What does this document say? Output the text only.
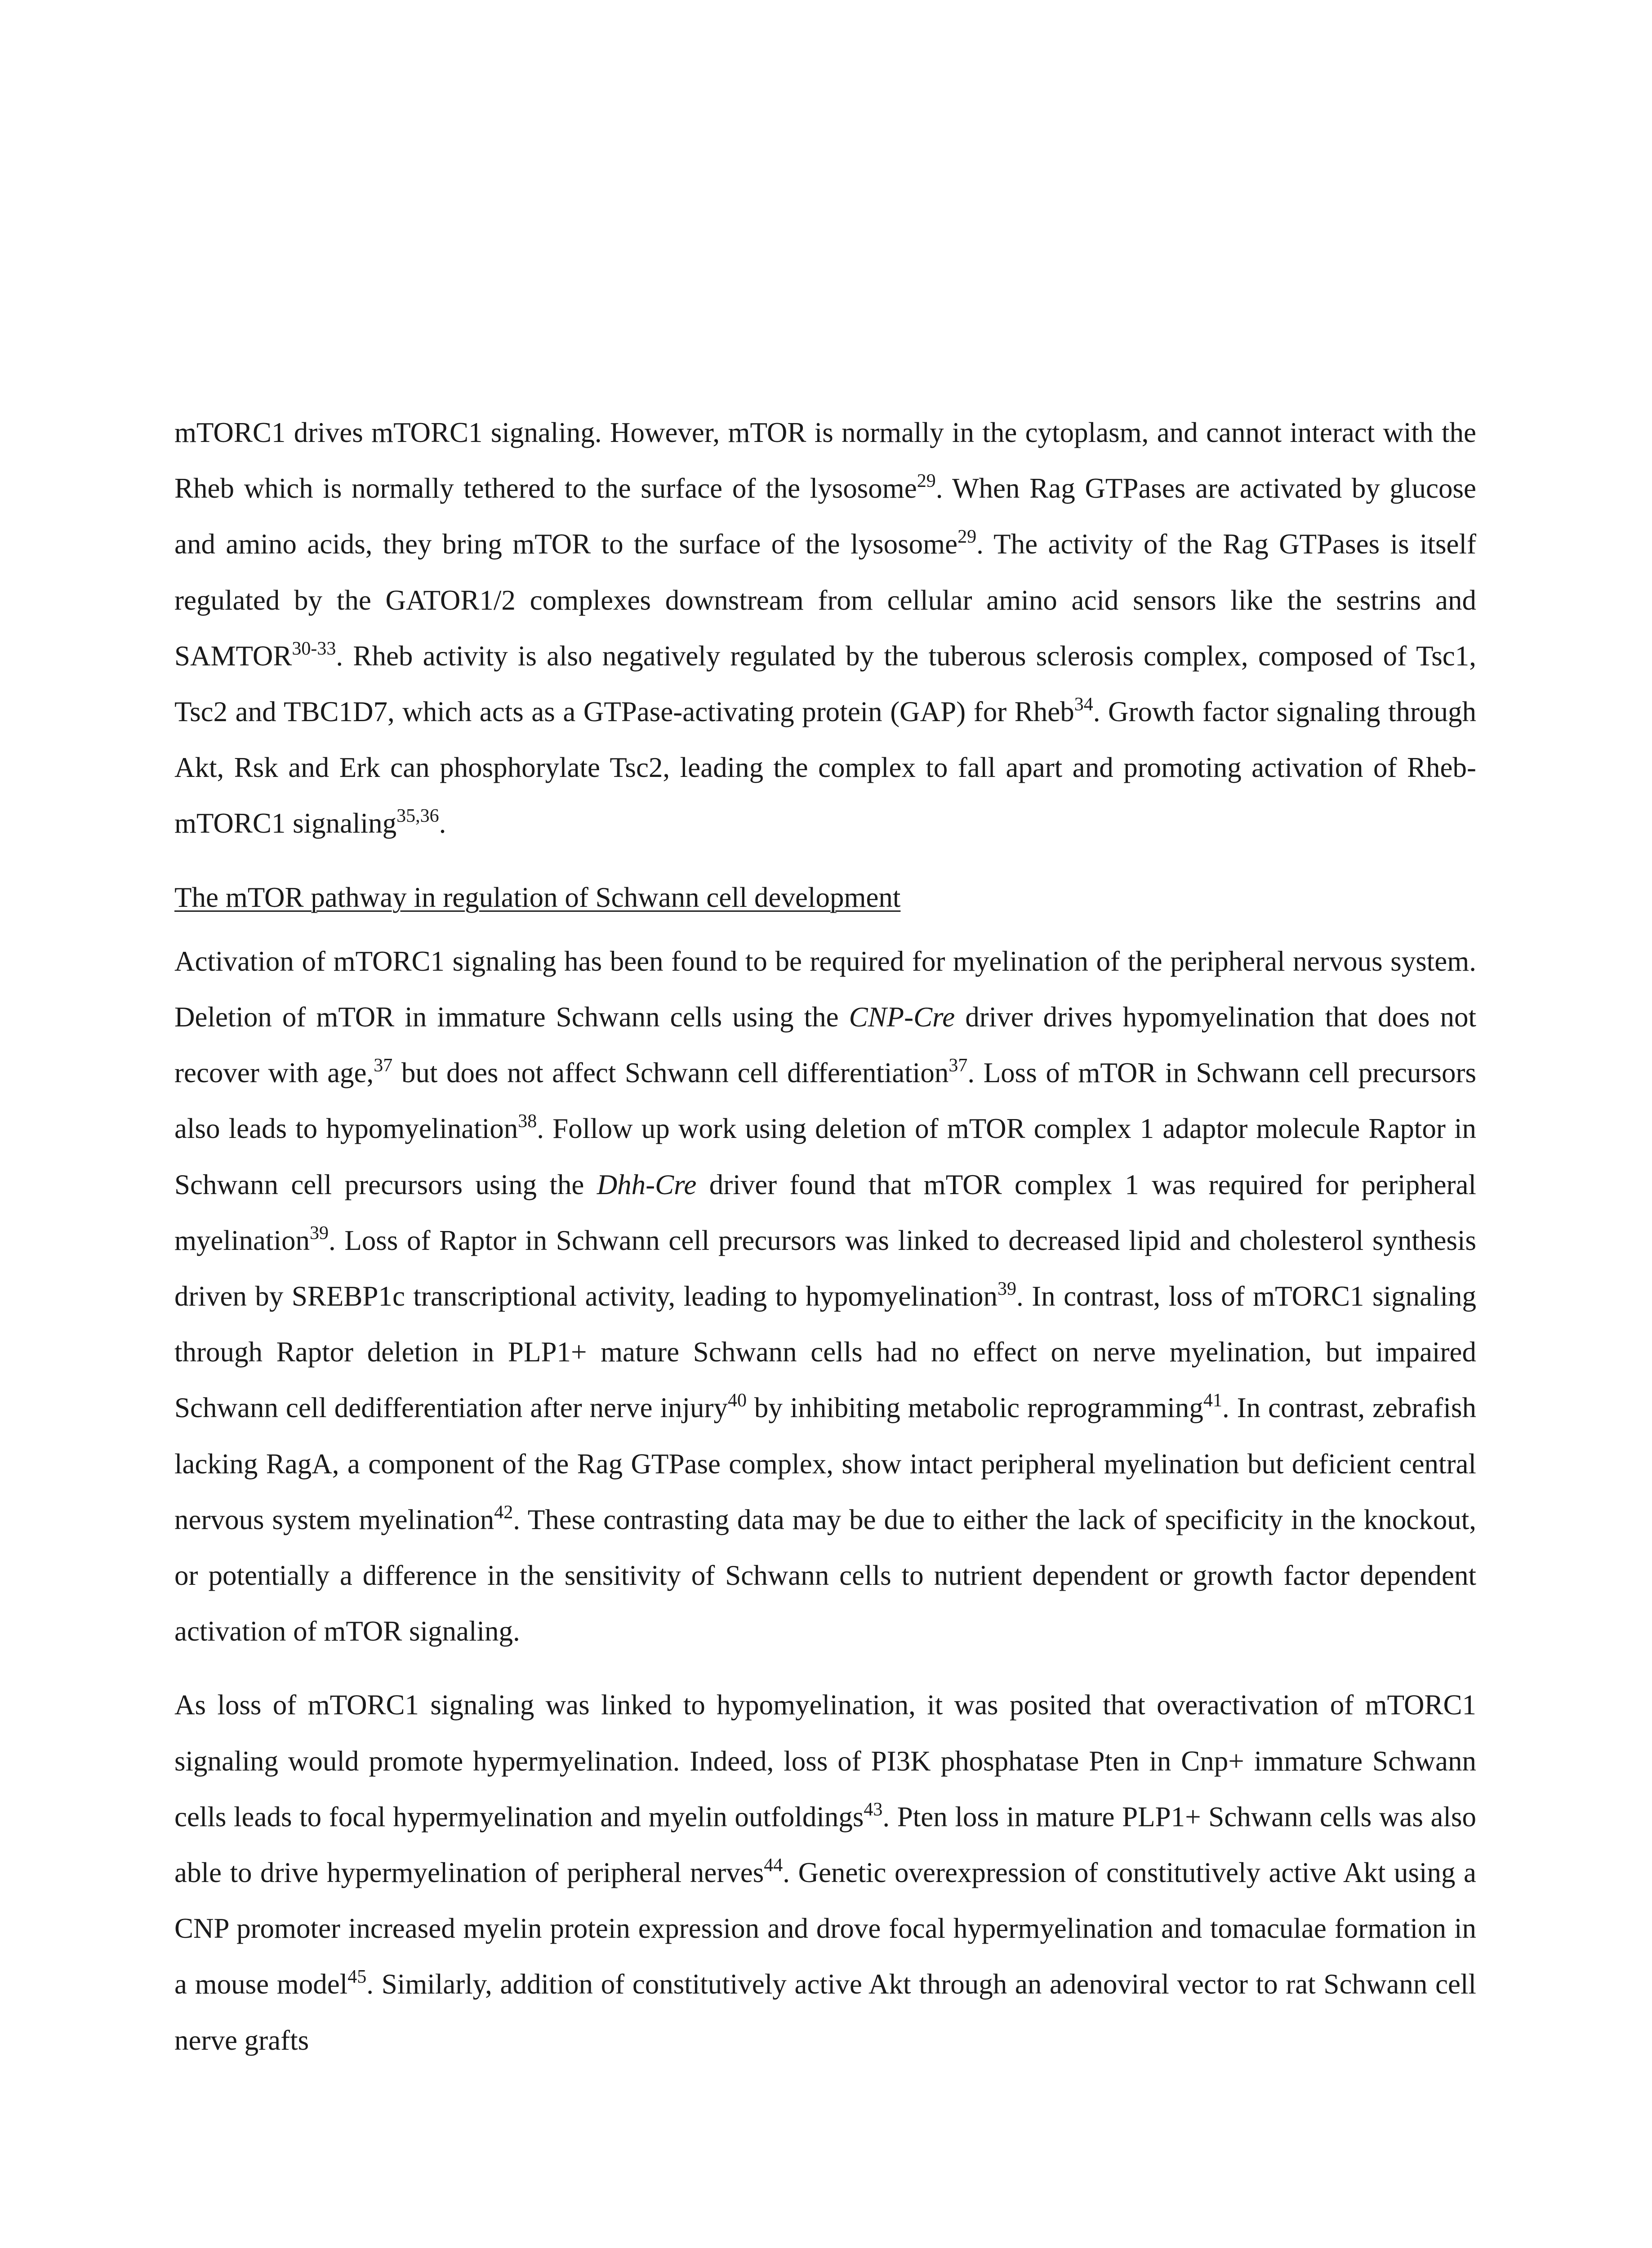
mTORC1 drives mTORC1 signaling. However, mTOR is normally in the cytoplasm, and cannot interact with the Rheb which is normally tethered to the surface of the lysosome$^{29}$. When Rag GTPases are activated by glucose and amino acids, they bring mTOR to the surface of the lysosome$^{29}$. The activity of the Rag GTPases is itself regulated by the GATOR1/2 complexes downstream from cellular amino acid sensors like the sestrins and SAMTOR$^{30-33}$. Rheb activity is also negatively regulated by the tuberous sclerosis complex, composed of Tsc1, Tsc2 and TBC1D7, which acts as a GTPase-activating protein (GAP) for Rheb$^{34}$. Growth factor signaling through Akt, Rsk and Erk can phosphorylate Tsc2, leading the complex to fall apart and promoting activation of Rheb-mTORC1 signaling$^{35,36}$.

The mTOR pathway in regulation of Schwann cell development

Activation of mTORC1 signaling has been found to be required for myelination of the peripheral nervous system. Deletion of mTOR in immature Schwann cells using the CNP-Cre driver drives hypomyelination that does not recover with age,$^{37}$ but does not affect Schwann cell differentiation$^{37}$. Loss of mTOR in Schwann cell precursors also leads to hypomyelination$^{38}$. Follow up work using deletion of mTOR complex 1 adaptor molecule Raptor in Schwann cell precursors using the Dhh-Cre driver found that mTOR complex 1 was required for peripheral myelination$^{39}$. Loss of Raptor in Schwann cell precursors was linked to decreased lipid and cholesterol synthesis driven by SREBP1c transcriptional activity, leading to hypomyelination$^{39}$. In contrast, loss of mTORC1 signaling through Raptor deletion in PLP1+ mature Schwann cells had no effect on nerve myelination, but impaired Schwann cell dedifferentiation after nerve injury$^{40}$ by inhibiting metabolic reprogramming$^{41}$. In contrast, zebrafish lacking RagA, a component of the Rag GTPase complex, show intact peripheral myelination but deficient central nervous system myelination$^{42}$. These contrasting data may be due to either the lack of specificity in the knockout, or potentially a difference in the sensitivity of Schwann cells to nutrient dependent or growth factor dependent activation of mTOR signaling.

As loss of mTORC1 signaling was linked to hypomyelination, it was posited that overactivation of mTORC1 signaling would promote hypermyelination. Indeed, loss of PI3K phosphatase Pten in Cnp+ immature Schwann cells leads to focal hypermyelination and myelin outfoldings$^{43}$. Pten loss in mature PLP1+ Schwann cells was also able to drive hypermyelination of peripheral nerves$^{44}$. Genetic overexpression of constitutively active Akt using a CNP promoter increased myelin protein expression and drove focal hypermyelination and tomaculae formation in a mouse model$^{45}$. Similarly, addition of constitutively active Akt through an adenoviral vector to rat Schwann cell nerve grafts
